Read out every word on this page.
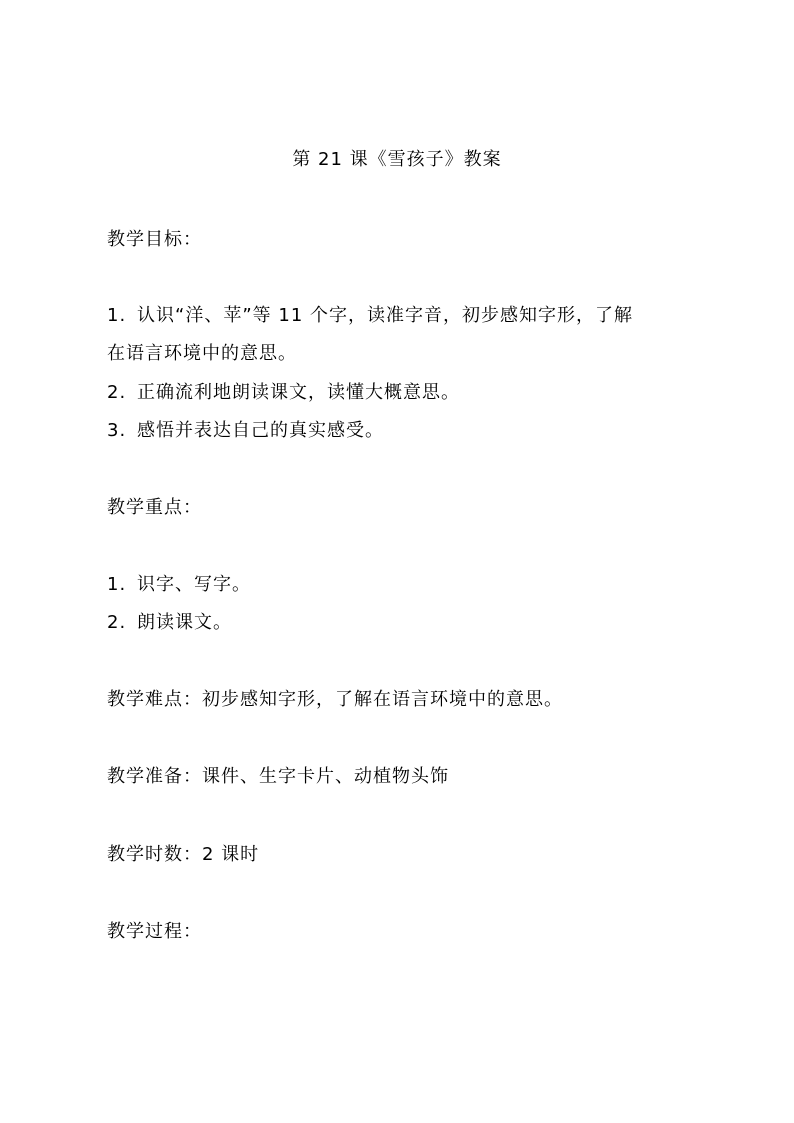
第 21 课《雪孩子》教案
教学目标：
1. 认识“洋、苹”等 11 个字，读准字音，初步感知字形，了解
在语言环境中的意思。
2. 正确流利地朗读课文，读懂大概意思。
3. 感悟并表达自己的真实感受。
教学重点：
1. 识字、写字。
2. 朗读课文。
教学难点：初步感知字形，了解在语言环境中的意思。
教学准备：课件、生字卡片、动植物头饰
教学时数：2 课时
教学过程：
